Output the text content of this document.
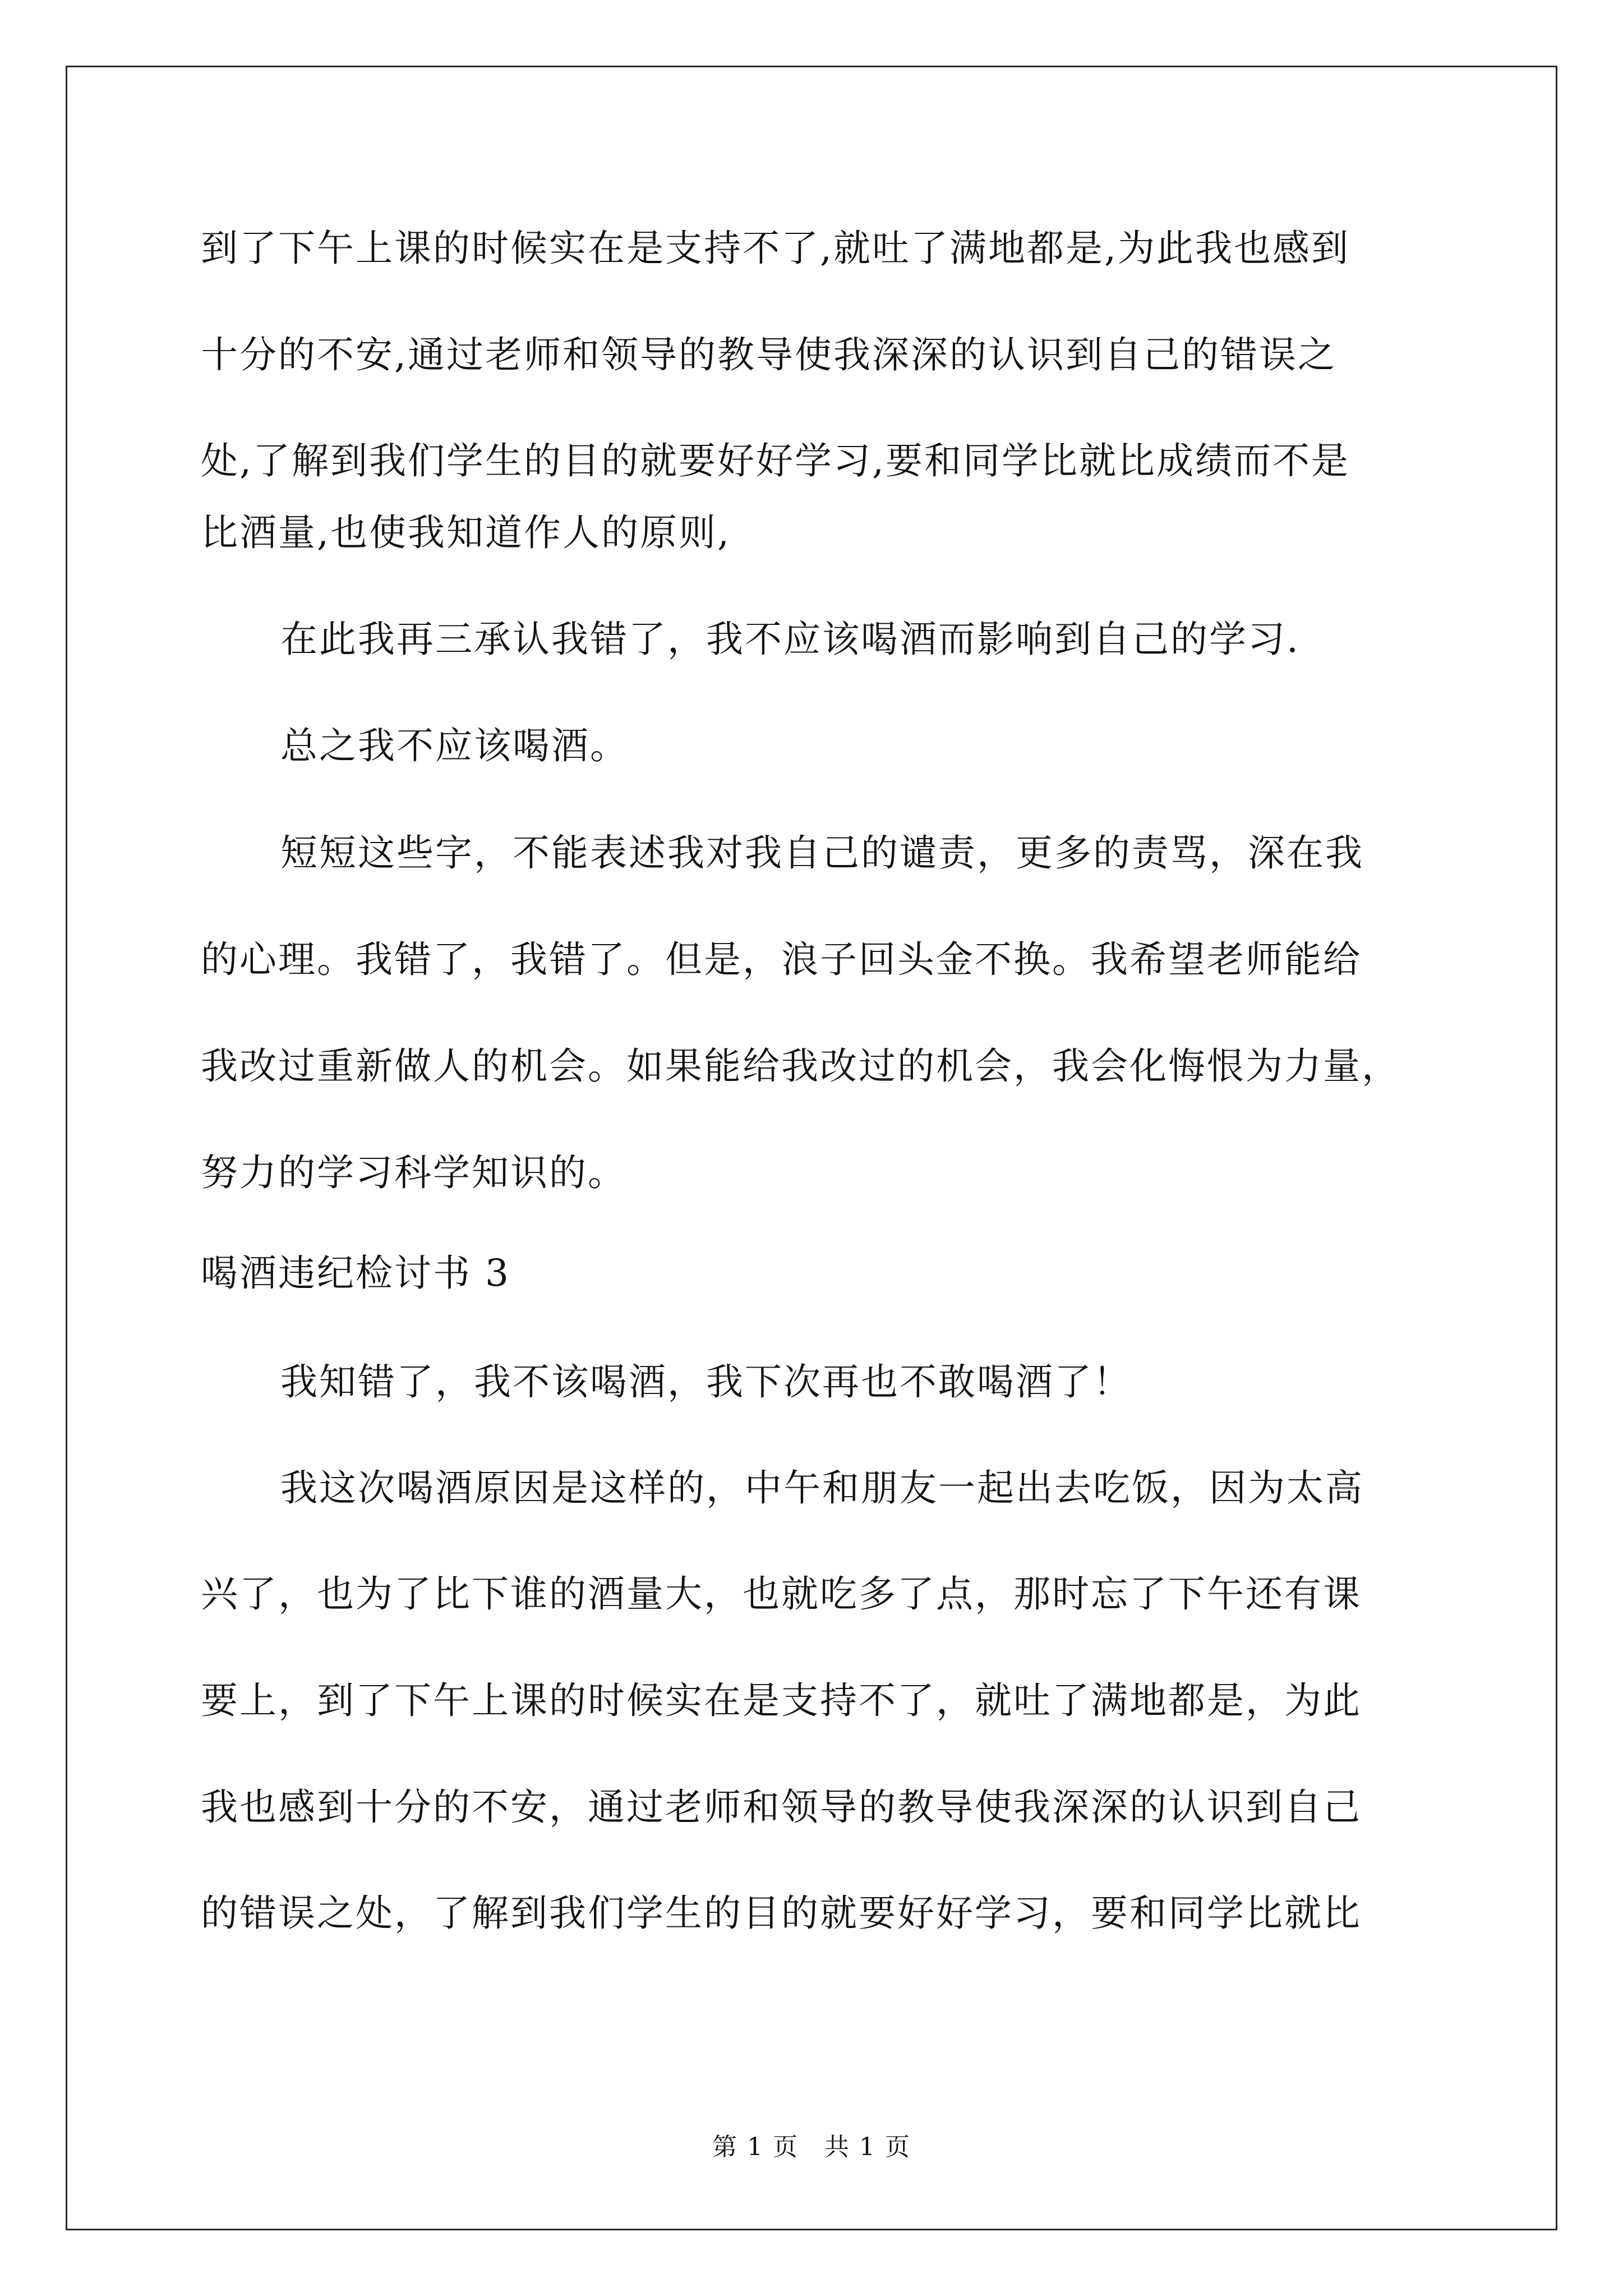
到了下午上课的时候实在是支持不了,就吐了满地都是,为此我也感到
十分的不安,通过老师和领导的教导使我深深的认识到自己的错误之
处,了解到我们学生的目的就要好好学习,要和同学比就比成绩而不是
比酒量,也使我知道作人的原则,
在此我再三承认我错了，我不应该喝酒而影响到自己的学习.
总之我不应该喝酒。
短短这些字，不能表述我对我自己的谴责，更多的责骂，深在我
的心理。我错了，我错了。但是，浪子回头金不换。我希望老师能给
我改过重新做人的机会。如果能给我改过的机会，我会化悔恨为力量，
努力的学习科学知识的。
喝酒违纪检讨书 3
我知错了，我不该喝酒，我下次再也不敢喝酒了！
我这次喝酒原因是这样的，中午和朋友一起出去吃饭，因为太高
兴了，也为了比下谁的酒量大，也就吃多了点，那时忘了下午还有课
要上，到了下午上课的时候实在是支持不了，就吐了满地都是，为此
我也感到十分的不安，通过老师和领导的教导使我深深的认识到自己
的错误之处，了解到我们学生的目的就要好好学习，要和同学比就比
第 1 页　共 1 页
